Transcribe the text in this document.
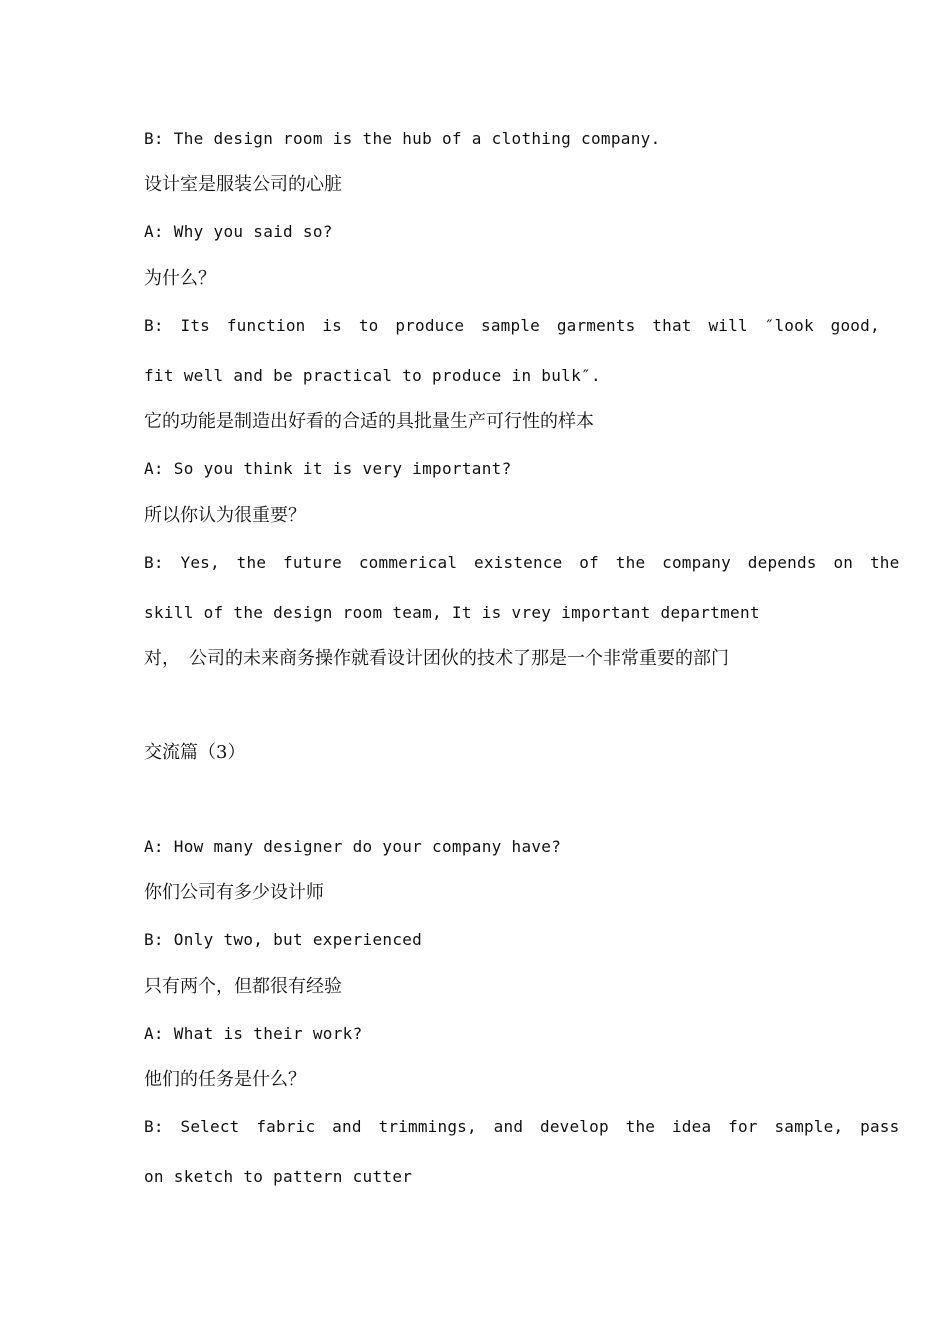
B: The design room is the hub of a clothing company.
设计室是服装公司的心脏
A: Why you said so?
为什么？
B: Its function is to produce sample garments that will ″look good,
fit well and be practical to produce in bulk″.
它的功能是制造出好看的合适的具批量生产可行性的样本
A: So you think it is very important?
所以你认为很重要？
B: Yes, the future commerical existence of the company depends on the
skill of the design room team, It is vrey important department
对，　公司的未来商务操作就看设计团伙的技术了那是一个非常重要的部门
交流篇（3）
A: How many designer do your company have?
你们公司有多少设计师
B: Only two, but experienced
只有两个，但都很有经验
A: What is their work?
他们的任务是什么？
B: Select fabric and trimmings, and develop the idea for sample, pass
on sketch to pattern cutter
